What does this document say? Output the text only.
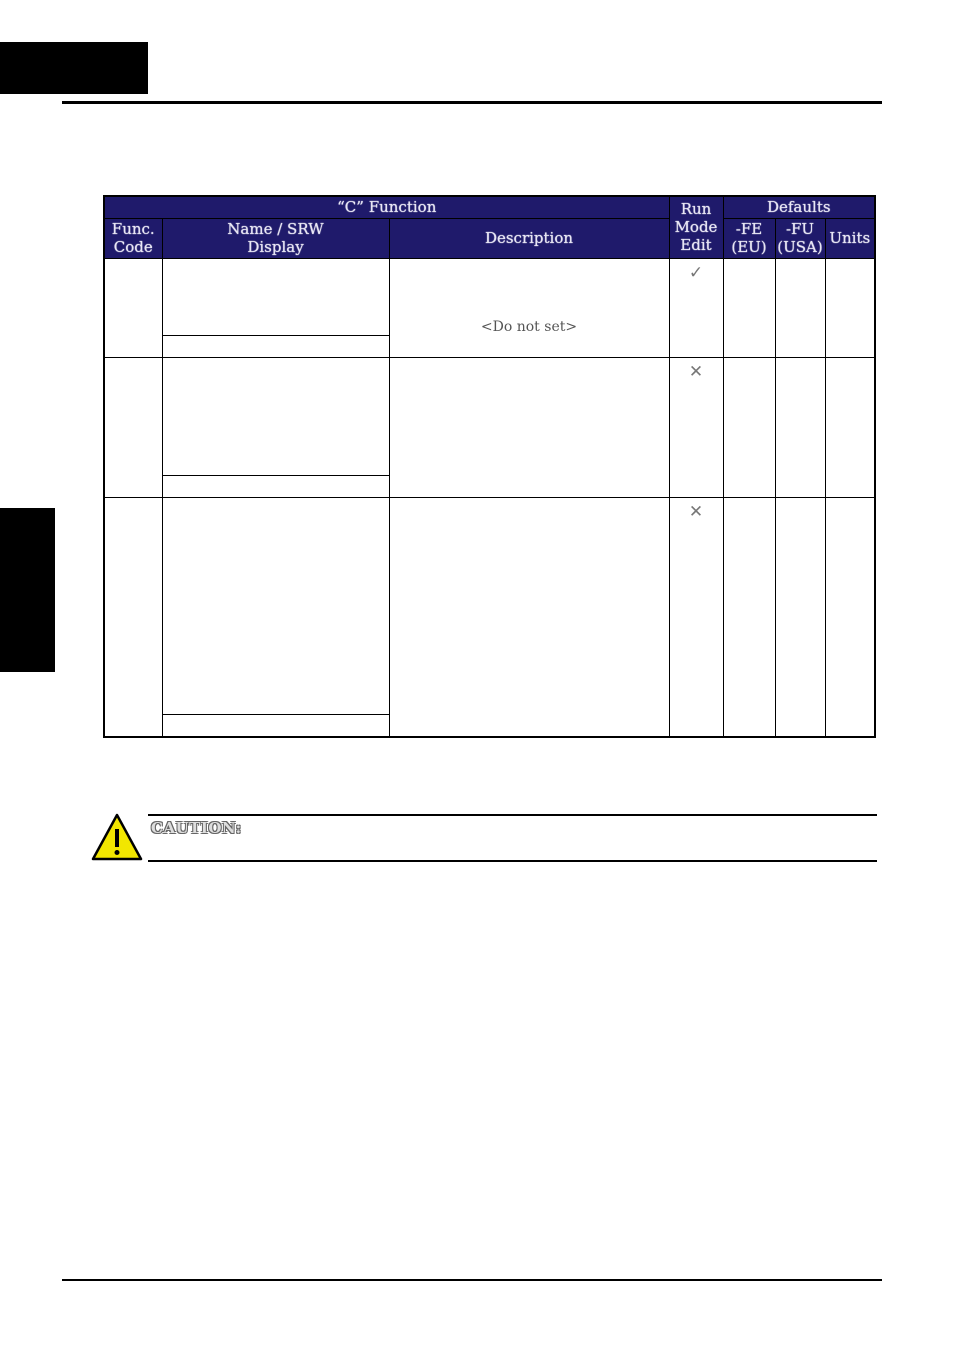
“C” Function			Run Mode Edit	Defaults		

Func. Code	Name / SRW Display	Description		-FE (EU)	-FU (USA)	Units

		<Do not set>	✓			

			✕			

			✕			

CAUTION:
